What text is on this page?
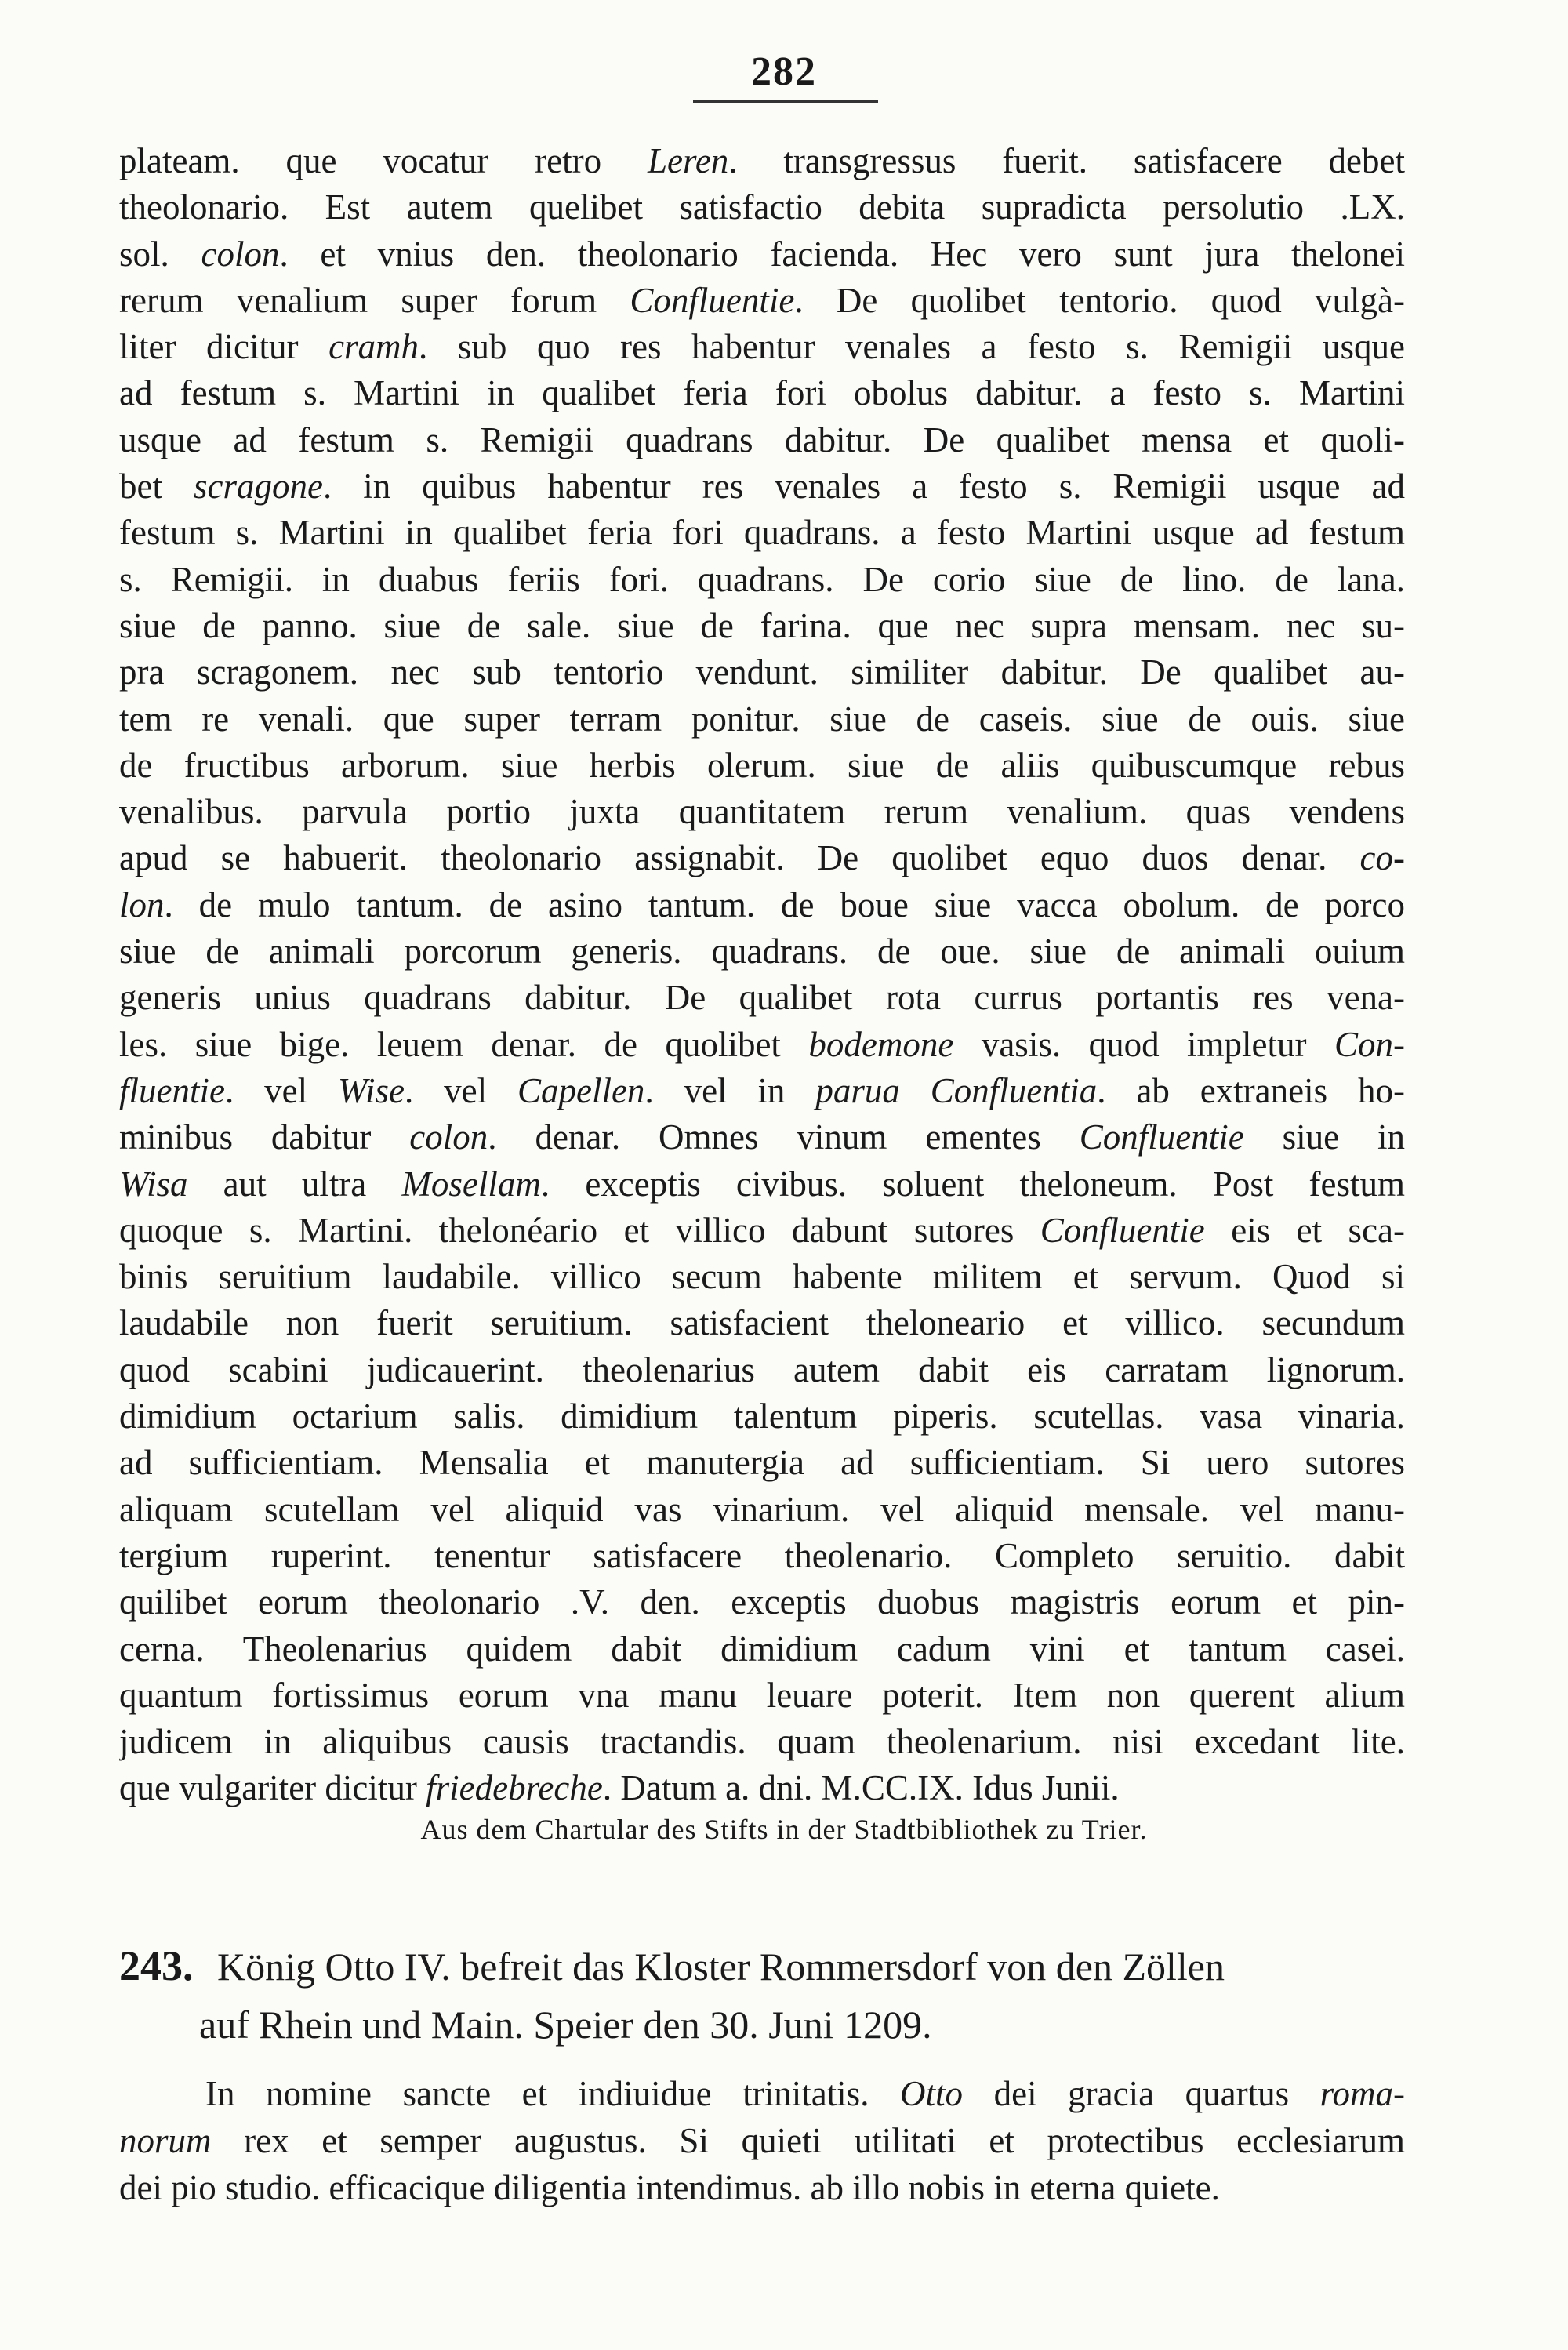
282
plateam. que vocatur retro Leren. transgressus fuerit. satisfacere debet
theolonario. Est autem quelibet satisfactio debita supradicta persolutio .LX.
sol. colon. et vnius den. theolonario facienda. Hec vero sunt jura thelonei
rerum venalium super forum Confluentie. De quolibet tentorio. quod vulgà-
liter dicitur cramh. sub quo res habentur venales a festo s. Remigii usque
ad festum s. Martini in qualibet feria fori obolus dabitur. a festo s. Martini
usque ad festum s. Remigii quadrans dabitur. De qualibet mensa et quoli-
bet scragone. in quibus habentur res venales a festo s. Remigii usque ad
festum s. Martini in qualibet feria fori quadrans. a festo Martini usque ad festum
s. Remigii. in duabus feriis fori. quadrans. De corio siue de lino. de lana.
siue de panno. siue de sale. siue de farina. que nec supra mensam. nec su-
pra scragonem. nec sub tentorio vendunt. similiter dabitur. De qualibet au-
tem re venali. que super terram ponitur. siue de caseis. siue de ouis. siue
de fructibus arborum. siue herbis olerum. siue de aliis quibuscumque rebus
venalibus. parvula portio juxta quantitatem rerum venalium. quas vendens
apud se habuerit. theolonario assignabit. De quolibet equo duos denar. co-
lon. de mulo tantum. de asino tantum. de boue siue vacca obolum. de porco
siue de animali porcorum generis. quadrans. de oue. siue de animali ouium
generis unius quadrans dabitur. De qualibet rota currus portantis res vena-
les. siue bige. leuem denar. de quolibet bodemone vasis. quod impletur Con-
fluentie. vel Wise. vel Capellen. vel in parua Confluentia. ab extraneis ho-
minibus dabitur colon. denar. Omnes vinum ementes Confluentie siue in
Wisa aut ultra Mosellam. exceptis civibus. soluent theloneum. Post festum
quoque s. Martini. thelonéario et villico dabunt sutores Confluentie eis et sca-
binis seruitium laudabile. villico secum habente militem et servum. Quod si
laudabile non fuerit seruitium. satisfacient theloneario et villico. secundum
quod scabini judicauerint. theolenarius autem dabit eis carratam lignorum.
dimidium octarium salis. dimidium talentum piperis. scutellas. vasa vinaria.
ad sufficientiam. Mensalia et manutergia ad sufficientiam. Si uero sutores
aliquam scutellam vel aliquid vas vinarium. vel aliquid mensale. vel manu-
tergium ruperint. tenentur satisfacere theolenario. Completo seruitio. dabit
quilibet eorum theolonario .V. den. exceptis duobus magistris eorum et pin-
cerna. Theolenarius quidem dabit dimidium cadum vini et tantum casei.
quantum fortissimus eorum vna manu leuare poterit. Item non querent alium
judicem in aliquibus causis tractandis. quam theolenarium. nisi excedant lite.
que vulgariter dicitur friedebreche. Datum a. dni. M.CC.IX. Idus Junii.
Aus dem Chartular des Stifts in der Stadtbibliothek zu Trier.
243. König Otto IV. befreit das Kloster Rommersdorf von den Zöllen
auf Rhein und Main. Speier den 30. Juni 1209.
In nomine sancte et indiuidue trinitatis. Otto dei gracia quartus roma-
norum rex et semper augustus. Si quieti utilitati et protectibus ecclesiarum
dei pio studio. efficacique diligentia intendimus. ab illo nobis in eterna quiete.
